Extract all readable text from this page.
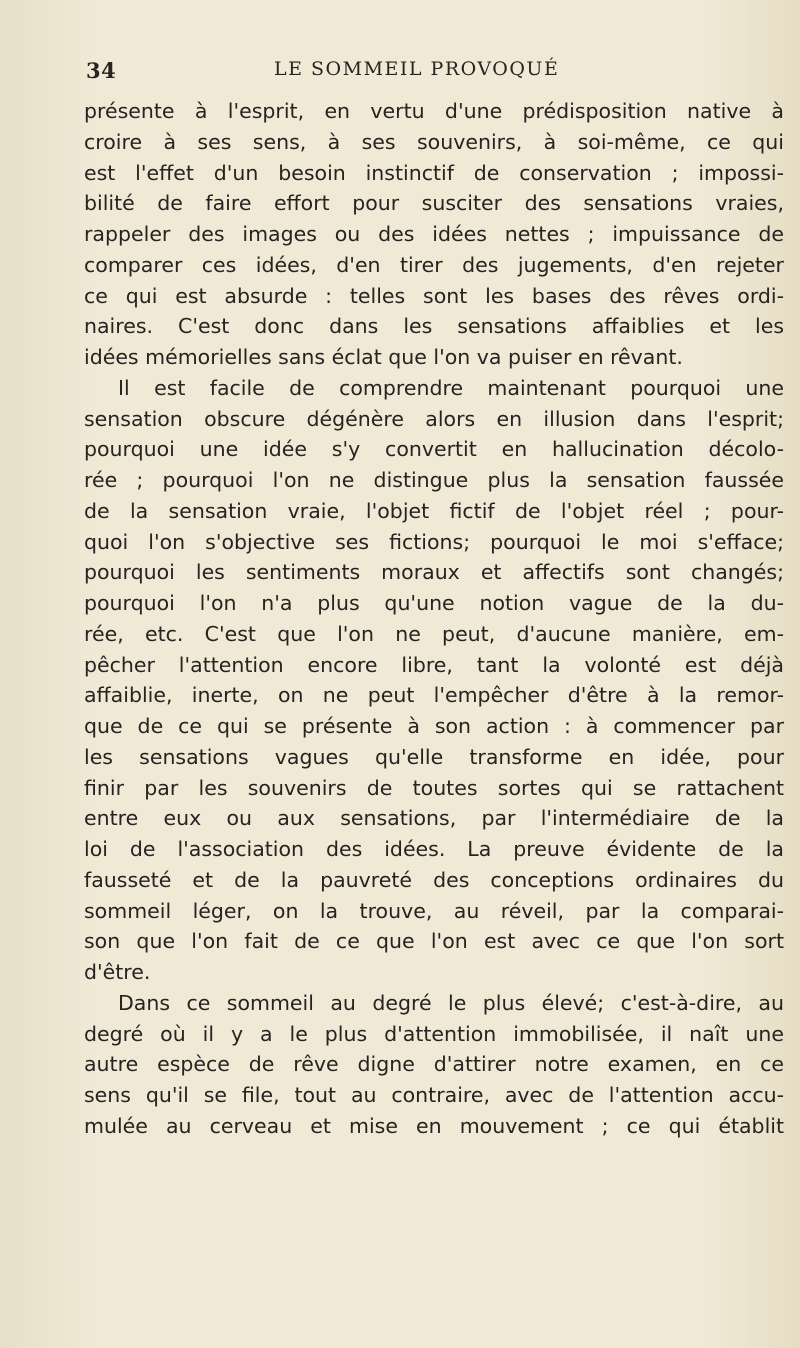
34	LE SOMMEIL PROVOQUÉ
présente à l'esprit, en vertu d'une prédisposition native à
croire à ses sens, à ses souvenirs, à soi-même, ce qui
est l'effet d'un besoin instinctif de conservation ; impossi-
bilité de faire effort pour susciter des sensations vraies,
rappeler des images ou des idées nettes ; impuissance de
comparer ces idées, d'en tirer des jugements, d'en rejeter
ce qui est absurde : telles sont les bases des rêves ordi-
naires. C'est donc dans les sensations affaiblies et les
idées mémorielles sans éclat que l'on va puiser en rêvant.
Il est facile de comprendre maintenant pourquoi une
sensation obscure dégénère alors en illusion dans l'esprit;
pourquoi une idée s'y convertit en hallucination décolo-
rée ; pourquoi l'on ne distingue plus la sensation faussée
de la sensation vraie, l'objet fictif de l'objet réel ; pour-
quoi l'on s'objective ses fictions; pourquoi le moi s'efface;
pourquoi les sentiments moraux et affectifs sont changés;
pourquoi l'on n'a plus qu'une notion vague de la du-
rée, etc. C'est que l'on ne peut, d'aucune manière, em-
pêcher l'attention encore libre, tant la volonté est déjà
affaiblie, inerte, on ne peut l'empêcher d'être à la remor-
que de ce qui se présente à son action : à commencer par
les sensations vagues qu'elle transforme en idée, pour
finir par les souvenirs de toutes sortes qui se rattachent
entre eux ou aux sensations, par l'intermédiaire de la
loi de l'association des idées. La preuve évidente de la
fausseté et de la pauvreté des conceptions ordinaires du
sommeil léger, on la trouve, au réveil, par la comparai-
son que l'on fait de ce que l'on est avec ce que l'on sort
d'être.
Dans ce sommeil au degré le plus élevé; c'est-à-dire, au
degré où il y a le plus d'attention immobilisée, il naît une
autre espèce de rêve digne d'attirer notre examen, en ce
sens qu'il se file, tout au contraire, avec de l'attention accu-
mulée au cerveau et mise en mouvement ; ce qui établit
